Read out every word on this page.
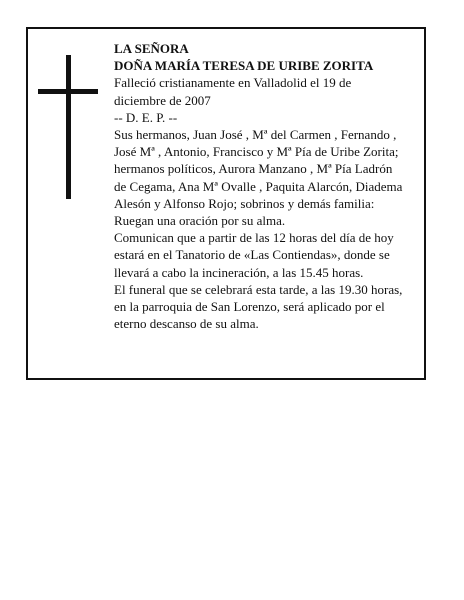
LA SEÑORA
DOÑA MARÍA TERESA DE URIBE ZORITA
Falleció cristianamente en Valladolid el 19 de
diciembre de 2007
-- D. E. P. --
Sus hermanos, Juan José , Mª del Carmen , Fernando ,
José Mª , Antonio, Francisco y Mª Pía de Uribe Zorita;
hermanos políticos, Aurora Manzano , Mª Pía Ladrón
de Cegama, Ana Mª Ovalle , Paquita Alarcón, Diadema
Alesón y Alfonso Rojo; sobrinos y demás familia:
Ruegan una oración por su alma.
Comunican que a partir de las 12 horas del día de hoy
estará en el Tanatorio de «Las Contiendas», donde se
llevará a cabo la incineración, a las 15.45 horas.
El funeral que se celebrará esta tarde, a las 19.30 horas,
en la parroquia de San Lorenzo, será aplicado por el
eterno descanso de su alma.
